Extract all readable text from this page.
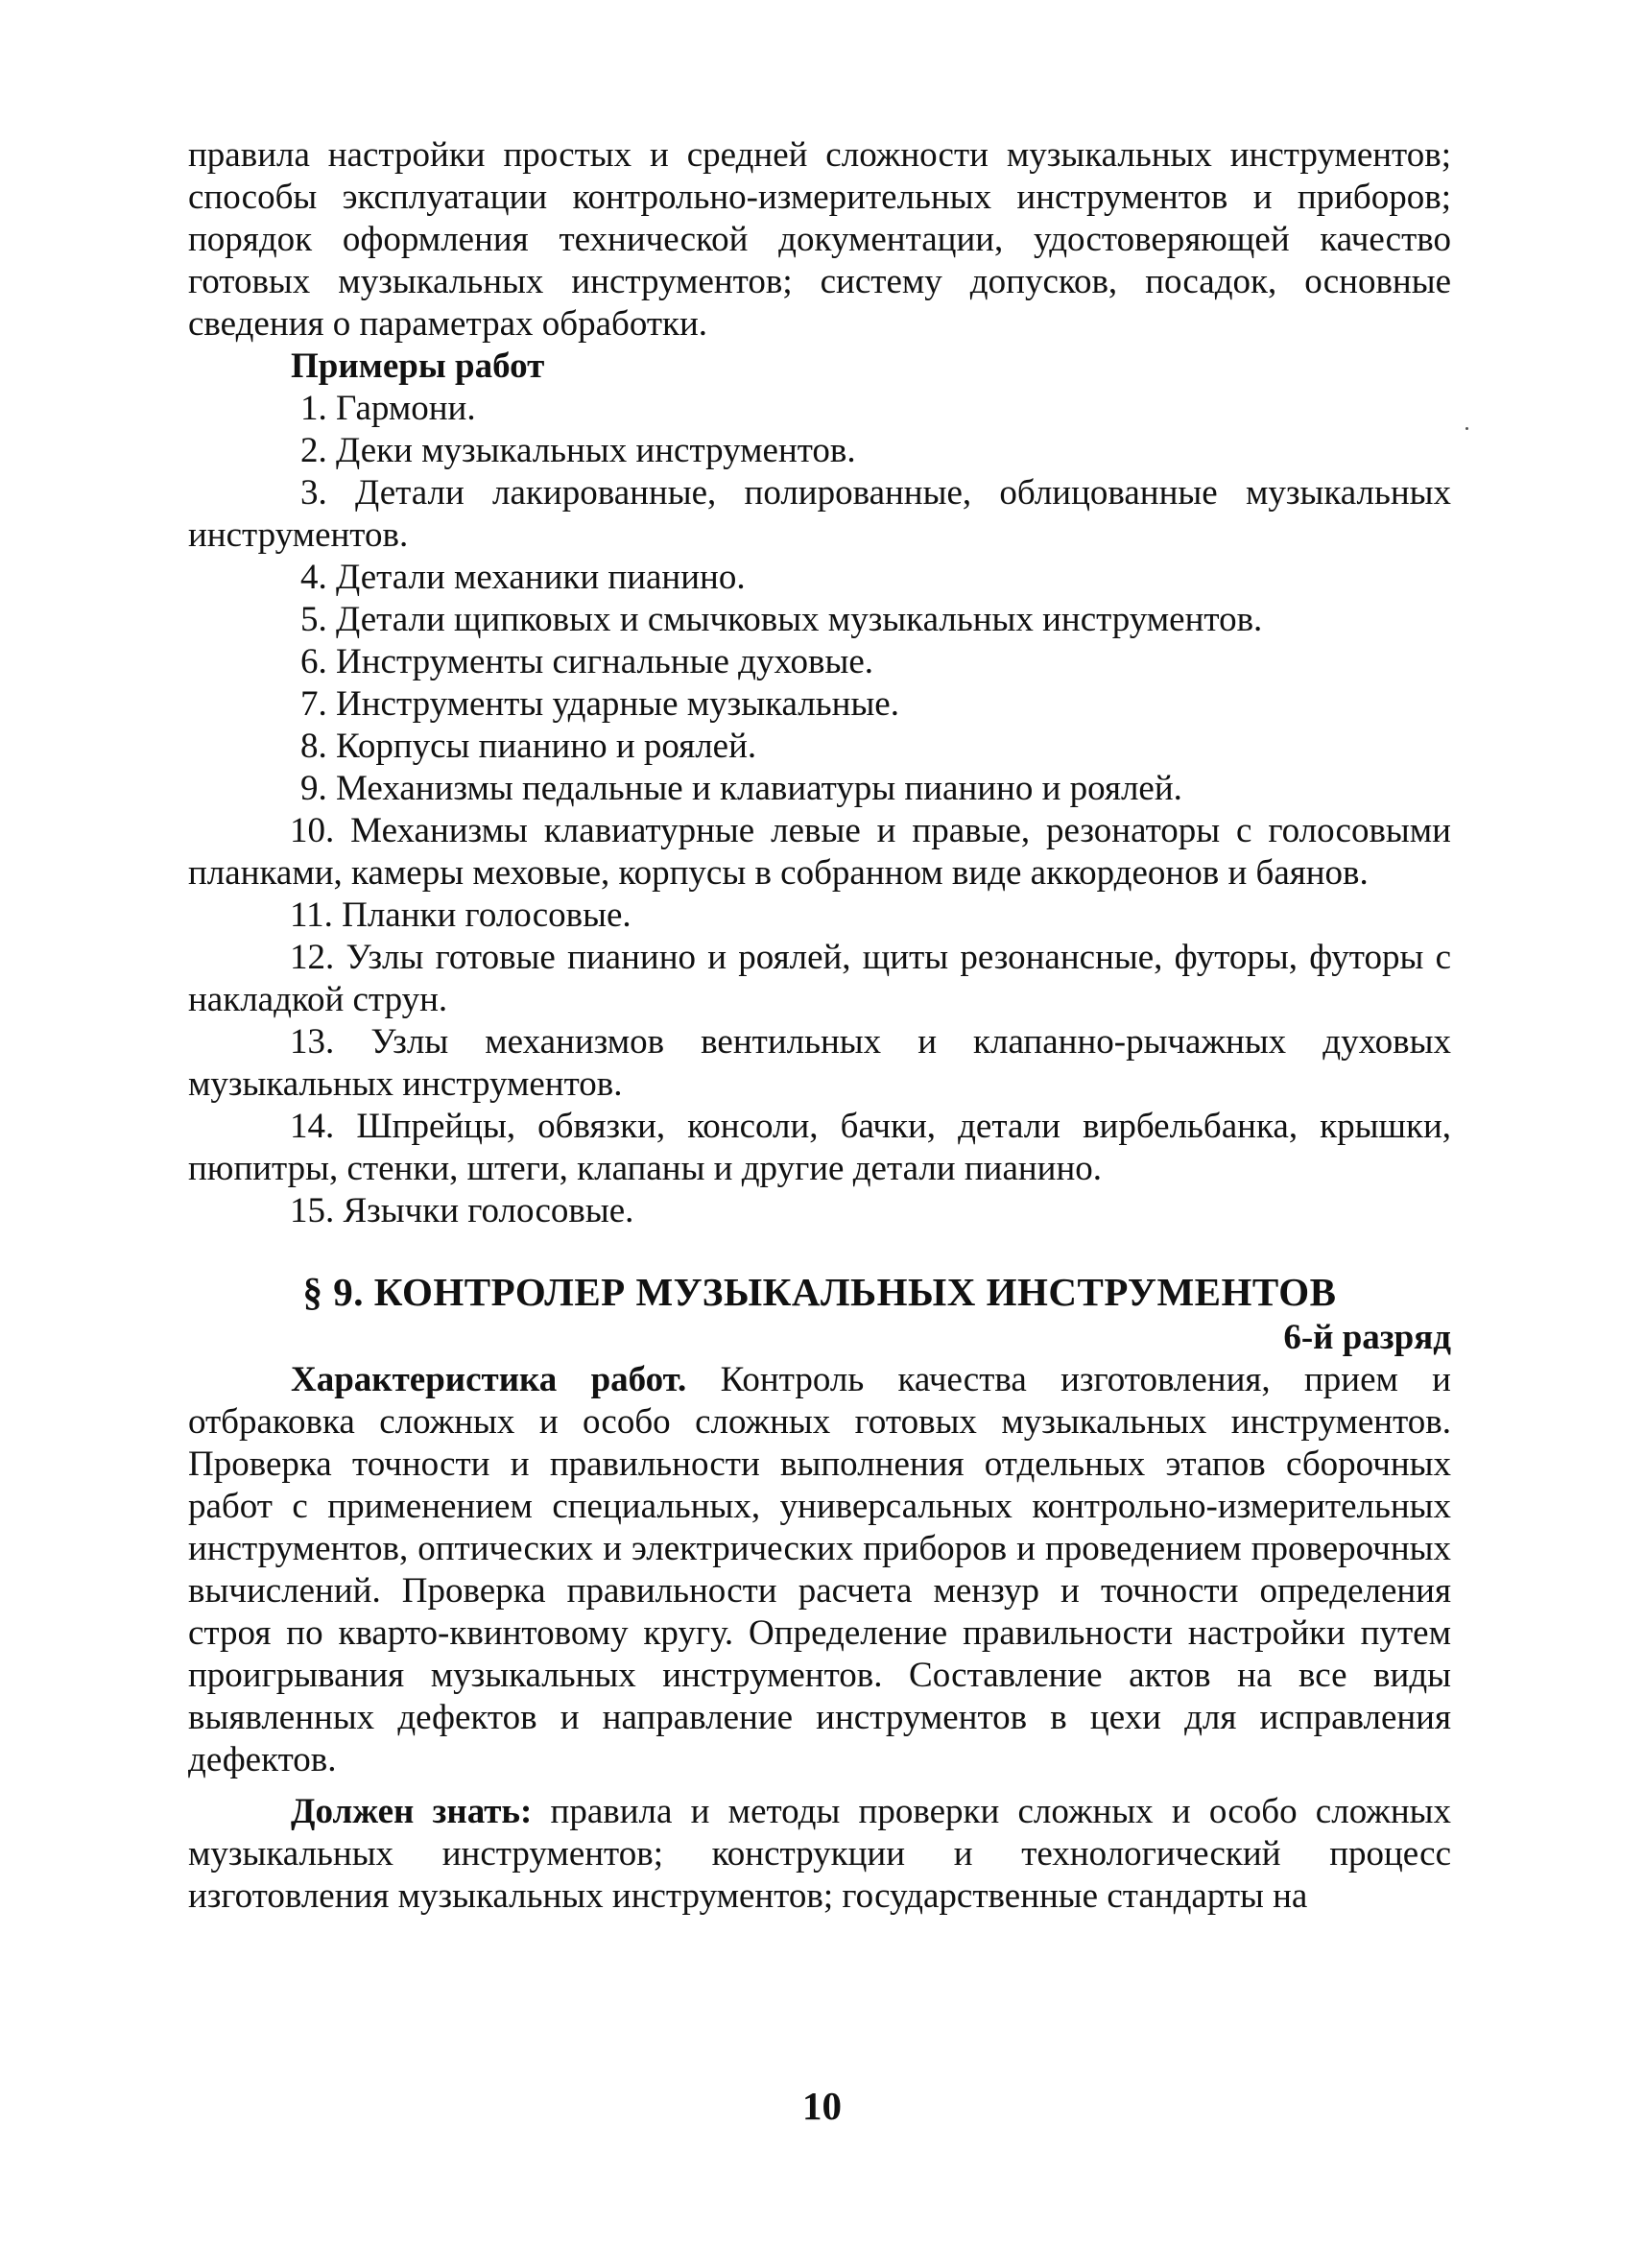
правила настройки простых и средней сложности музыкальных инструментов; способы эксплуатации контрольно-измерительных инструментов и приборов; порядок оформления технической документации, удостоверяющей качество готовых музыкальных инструментов; систему допусков, посадок, основные сведения о параметрах обработки.

Примеры работ

1. Гармони.

2. Деки музыкальных инструментов.

3. Детали лакированные, полированные, облицованные музыкальных инструментов.

4. Детали механики пианино.

5. Детали щипковых и смычковых музыкальных инструментов.

6. Инструменты сигнальные духовые.

7. Инструменты ударные музыкальные.

8. Корпусы пианино и роялей.

9. Механизмы педальные и клавиатуры пианино и роялей.

10. Механизмы клавиатурные левые и правые, резонаторы с голосовыми планками, камеры меховые, корпусы в собранном виде аккордеонов и баянов.

11. Планки голосовые.

12. Узлы готовые пианино и роялей, щиты резонансные, футоры, футоры с накладкой струн.

13. Узлы механизмов вентильных и клапанно-рычажных духовых музыкальных инструментов.

14. Шпрейцы, обвязки, консоли, бачки, детали вирбельбанка, крышки, пюпитры, стенки, штеги, клапаны и другие детали пианино.

15. Язычки голосовые.

§ 9. КОНТРОЛЕР МУЗЫКАЛЬНЫХ ИНСТРУМЕНТОВ

6-й разряд

Характеристика работ. Контроль качества изготовления, прием и отбраковка сложных и особо сложных готовых музыкальных инструментов. Проверка точности и правильности выполнения отдельных этапов сборочных работ с применением специальных, универсальных контрольно-измерительных инструментов, оптических и электрических приборов и проведением проверочных вычислений. Проверка правильности расчета мензур и точности определения строя по кварто-квинтовому кругу. Определение правильности настройки путем проигрывания музыкальных инструментов. Составление актов на все виды выявленных дефектов и направление инструментов в цехи для исправления дефектов.

Должен знать: правила и методы проверки сложных и особо сложных музыкальных инструментов; конструкции и технологический процесс изготовления музыкальных инструментов; государственные стандарты на

10
